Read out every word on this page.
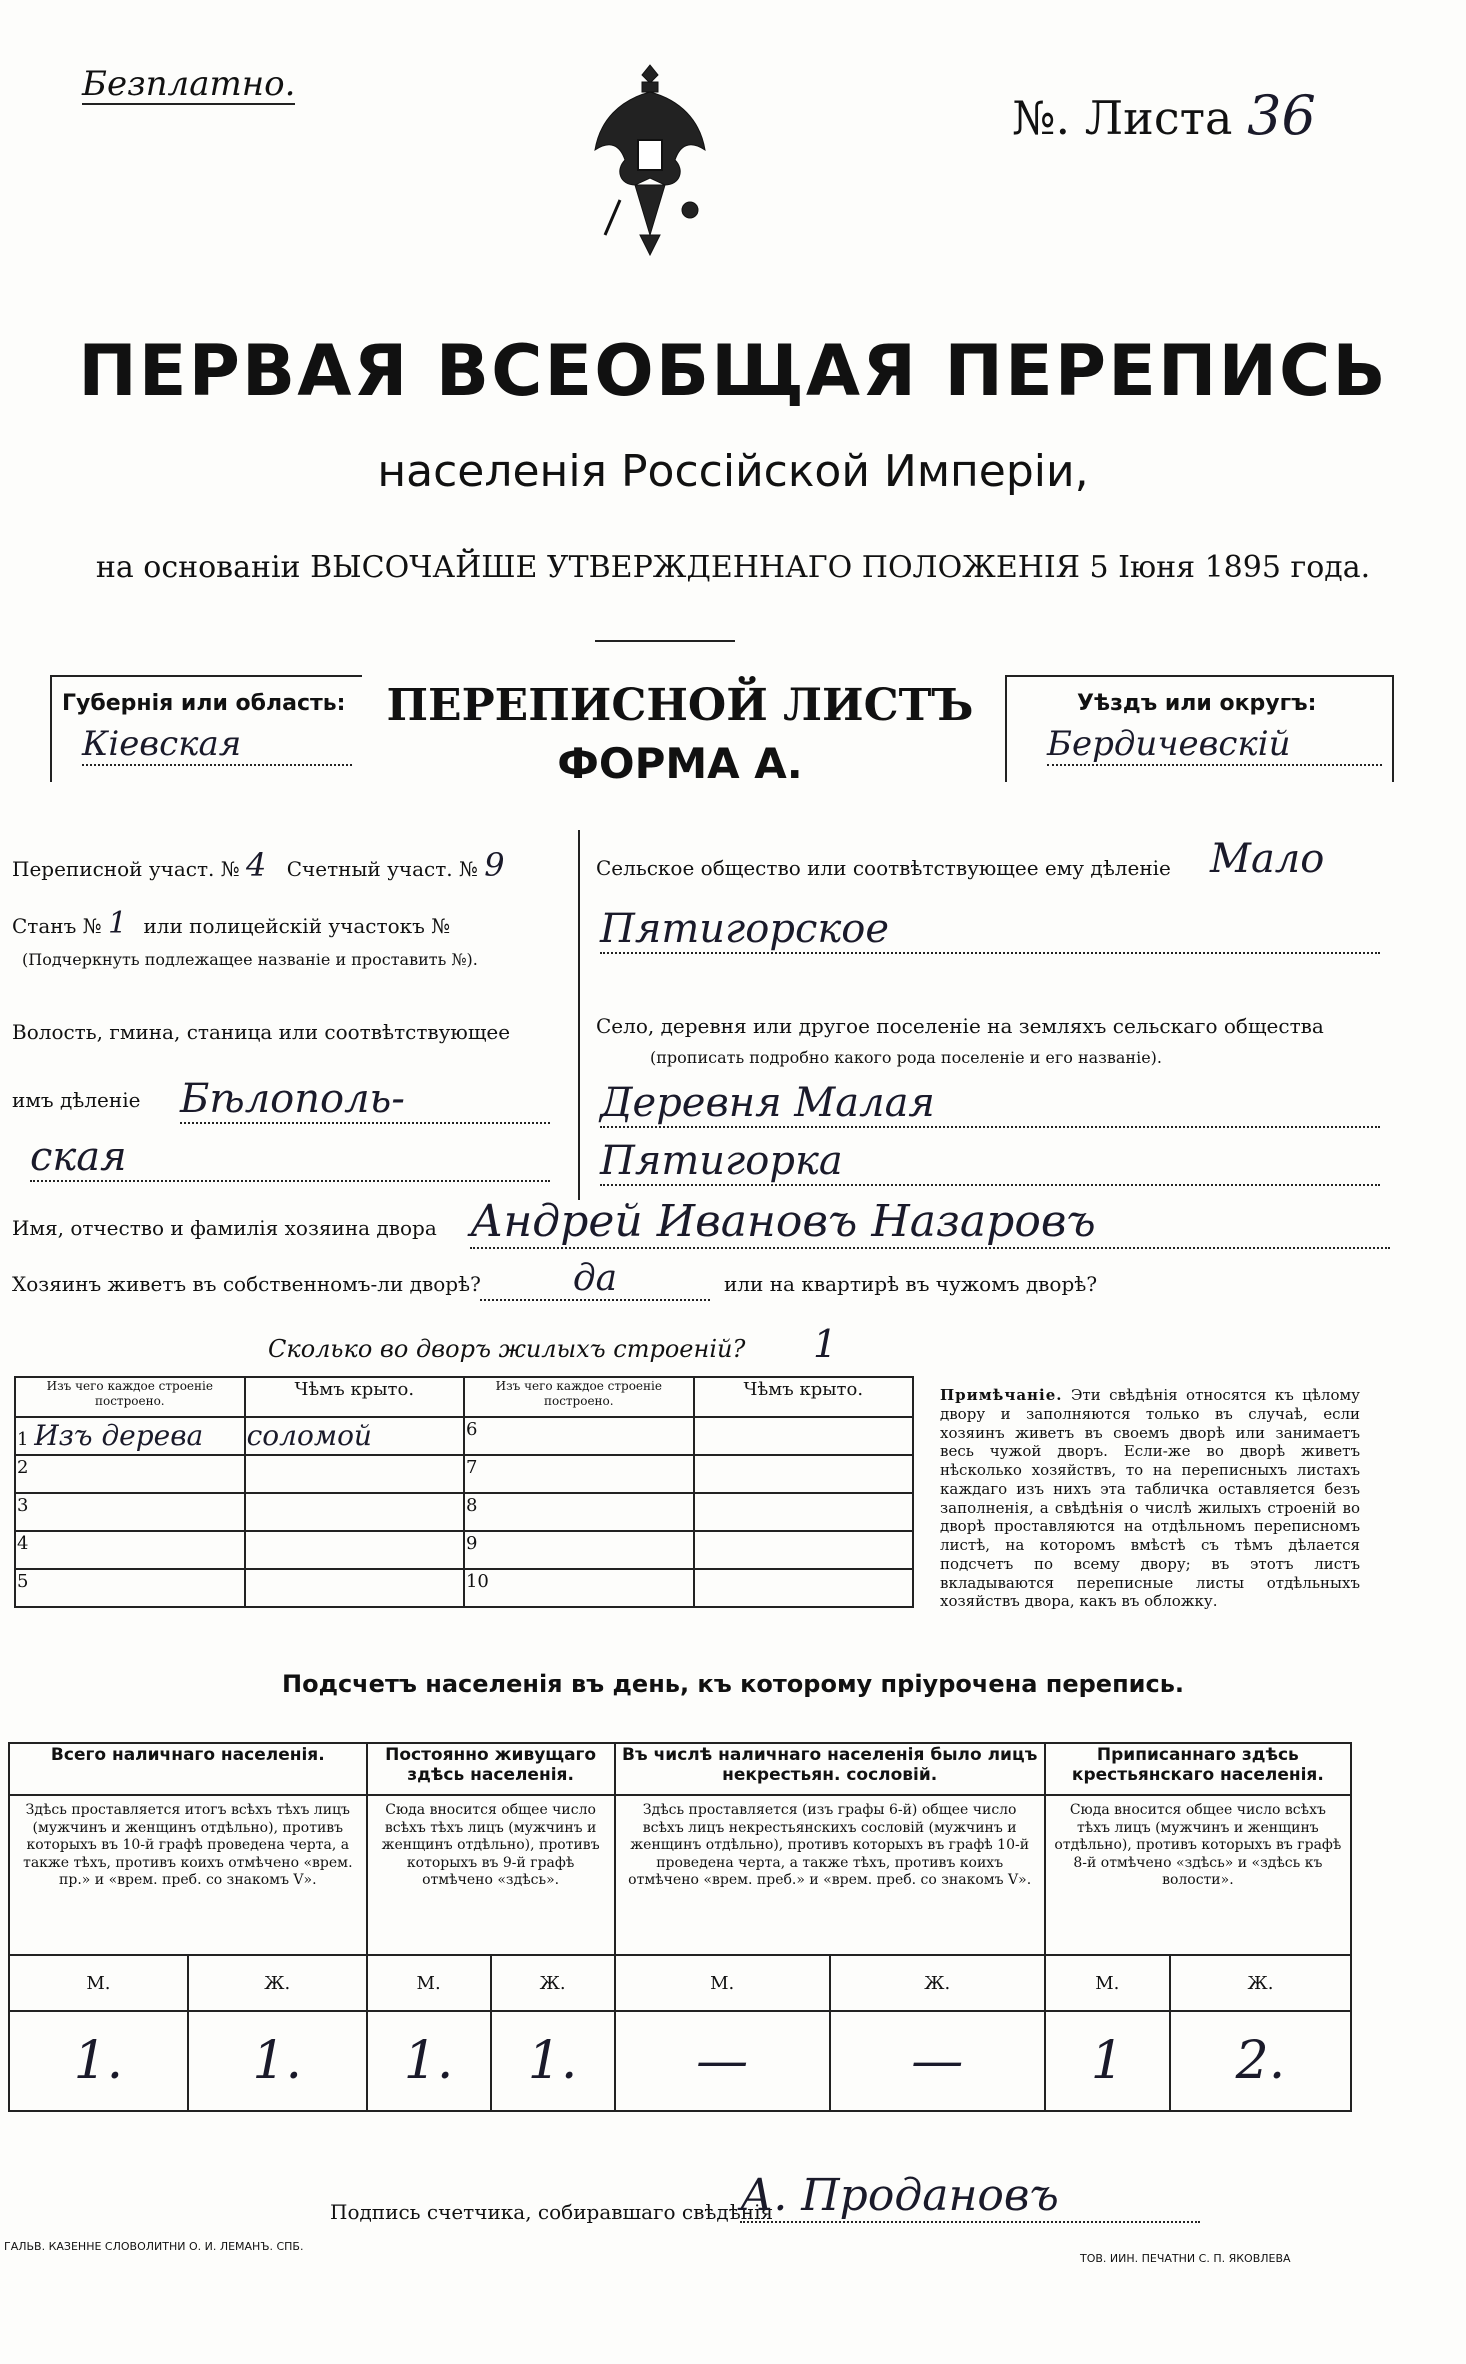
Безплатно.
№. Листа 36
ПЕРВАЯ ВСЕОБЩАЯ ПЕРЕПИСЬ
населенія Россійской Имперіи,
на основаніи ВЫСОЧАЙШЕ УТВЕРЖДЕННАГО ПОЛОЖЕНІЯ 5 Іюня 1895 года.
Губернія или область:
Кіевская
ПЕРЕПИСНОЙ ЛИСТЪ
ФОРМА А.
Уѣздъ или округъ:
Бердичевскій
Переписной участ. № 4 Счетный участ. № 9
Станъ № 1 или полицейскій участокъ №
(Подчеркнуть подлежащее названіе и проставить №).
Волость, гмина, станица или соотвѣтствующее
имъ дѣленіе Бѣлополь-
ская
Сельское общество или соотвѣтствующее ему дѣленіе Мало
Пятигорское
Село, деревня или другое поселеніе на земляхъ сельскаго общества
(прописать подробно какого рода поселеніе и его названіе).
Деревня Малая
Пятигорка
Имя, отчество и фамилія хозяина двора Андрей Ивановъ Назаровъ
Хозяинъ живетъ въ собственномъ-ли дворѣ?	да	или на квартирѣ въ чужомъ дворѣ?
Сколько во дворъ жилыхъ строеній? 1
Изъ чего каждое строеніе построено.	Чѣмъ крыто.	Изъ чего каждое строеніе построено.	Чѣмъ крыто.
1 Изъ дерева	соломой	6	
2		7	
3		8	
4		9	
5		10	
Примѣчаніе. Эти свѣдѣнія относятся къ цѣлому двору и заполняются только въ случаѣ, если хозяинъ живетъ въ своемъ дворѣ или занимаетъ весь чужой дворъ. Если-же во дворѣ живетъ нѣсколько хозяйствъ, то на переписныхъ листахъ каждаго изъ нихъ эта табличка оставляется безъ заполненія, а свѣдѣнія о числѣ жилыхъ строеній во дворѣ проставляются на отдѣльномъ переписномъ листѣ, на которомъ вмѣстѣ съ тѣмъ дѣлается подсчетъ по всему двору; въ этотъ листъ вкладываются переписные листы отдѣльныхъ хозяйствъ двора, какъ въ обложку.
Подсчетъ населенія въ день, къ которому пріурочена перепись.
Всего наличнаго населенія.		Постоянно живущаго здѣсь населенія.		Въ числѣ наличнаго населенія было лицъ некрестьян. сословій.		Приписаннаго здѣсь крестьянскаго населенія.	
Здѣсь проставляется итогъ всѣхъ тѣхъ лицъ (мужчинъ и женщинъ отдѣльно), противъ которыхъ въ 10-й графѣ проведена черта, а также тѣхъ, противъ коихъ отмѣчено «врем. пр.» и «врем. преб. со знакомъ V».		Сюда вносится общее число всѣхъ тѣхъ лицъ (мужчинъ и женщинъ отдѣльно), противъ которыхъ въ 9-й графѣ отмѣчено «здѣсь».		Здѣсь проставляется (изъ графы 6-й) общее число всѣхъ лицъ некрестьянскихъ сословій (мужчинъ и женщинъ отдѣльно), противъ которыхъ въ графѣ 10-й проведена черта, а также тѣхъ, противъ коихъ отмѣчено «врем. преб.» и «врем. преб. со знакомъ V».		Сюда вносится общее число всѣхъ тѣхъ лицъ (мужчинъ и женщинъ отдѣльно), противъ которыхъ въ графѣ 8-й отмѣчено «здѣсь» и «здѣсь къ волости».	
М.	Ж.	М.	Ж.	М.	Ж.	М.	Ж.
1.	1.	1.	1.	—	—	1	2.
Подпись счетчика, собиравшаго свѣдѣнія
А. Продановъ
ГАЛЬВ. КАЗЕННЕ СЛОВОЛИТНИ О. И. ЛЕМАНЪ. СПБ.
ТОВ. ИИН. ПЕЧАТНИ С. П. ЯКОВЛЕВА
